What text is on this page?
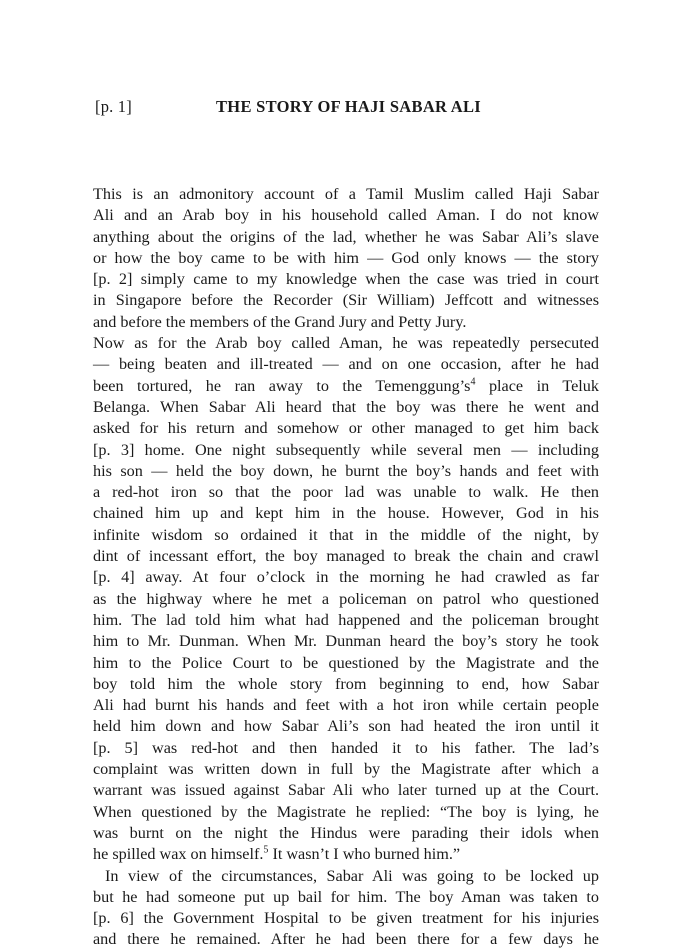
[p. 1]	THE STORY OF HAJI SABAR ALI
This is an admonitory account of a Tamil Muslim called Haji Sabar
Ali and an Arab boy in his household called Aman. I do not know
anything about the origins of the lad, whether he was Sabar Ali’s slave
or how the boy came to be with him — God only knows — the story
[p. 2] simply came to my knowledge when the case was tried in court
in Singapore before the Recorder (Sir William) Jeffcott and witnesses
and before the members of the Grand Jury and Petty Jury.
Now as for the Arab boy called Aman, he was repeatedly persecuted
— being beaten and ill-treated — and on one occasion, after he had
been tortured, he ran away to the Temenggung’s$^4$ place in Teluk
Belanga. When Sabar Ali heard that the boy was there he went and
asked for his return and somehow or other managed to get him back
[p. 3] home. One night subsequently while several men — including
his son — held the boy down, he burnt the boy’s hands and feet with
a red-hot iron so that the poor lad was unable to walk. He then
chained him up and kept him in the house. However, God in his
infinite wisdom so ordained it that in the middle of the night, by
dint of incessant effort, the boy managed to break the chain and crawl
[p. 4] away. At four o’clock in the morning he had crawled as far
as the highway where he met a policeman on patrol who questioned
him. The lad told him what had happened and the policeman brought
him to Mr. Dunman. When Mr. Dunman heard the boy’s story he took
him to the Police Court to be questioned by the Magistrate and the
boy told him the whole story from beginning to end, how Sabar
Ali had burnt his hands and feet with a hot iron while certain people
held him down and how Sabar Ali’s son had heated the iron until it
[p. 5] was red-hot and then handed it to his father. The lad’s
complaint was written down in full by the Magistrate after which a
warrant was issued against Sabar Ali who later turned up at the Court.
When questioned by the Magistrate he replied: “The boy is lying, he
was burnt on the night the Hindus were parading their idols when
he spilled wax on himself.$^5$ It wasn’t I who burned him.”
In view of the circumstances, Sabar Ali was going to be locked up
but he had someone put up bail for him. The boy Aman was taken to
[p. 6] the Government Hospital to be given treatment for his injuries
and there he remained. After he had been there for a few days he
